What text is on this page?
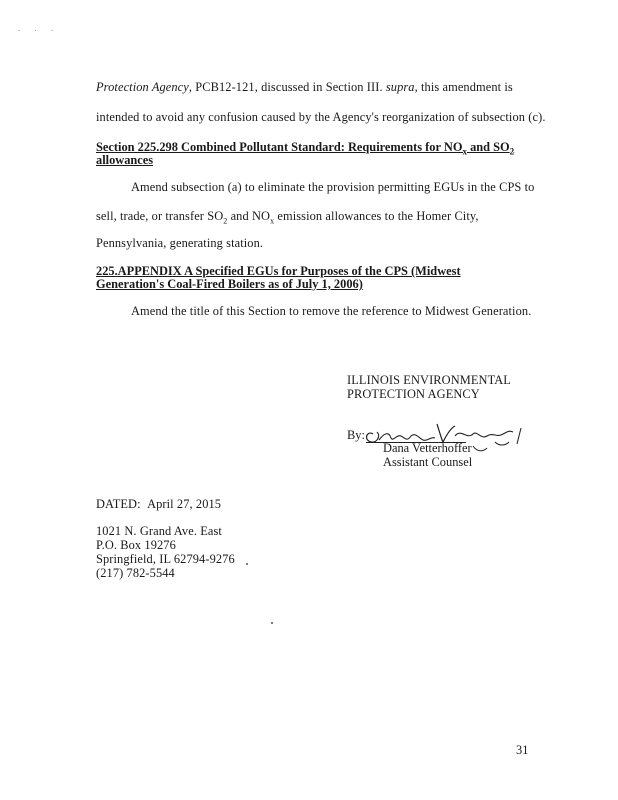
. . .
Protection Agency, PCB12-121, discussed in Section III. supra, this amendment is
intended to avoid any confusion caused by the Agency's reorganization of subsection (c).
Section 225.298 Combined Pollutant Standard: Requirements for $NO_x$ and $SO_2$
allowances
Amend subsection (a) to eliminate the provision permitting EGUs in the CPS to
sell, trade, or transfer $SO_2$ and $NO_x$ emission allowances to the Homer City,
Pennsylvania, generating station.
225.APPENDIX A Specified EGUs for Purposes of the CPS (Midwest
Generation's Coal-Fired Boilers as of July 1, 2006)
Amend the title of this Section to remove the reference to Midwest Generation.
ILLINOIS ENVIRONMENTAL
PROTECTION AGENCY
By:
Dana Vetterhoffer
Assistant Counsel
DATED: April 27, 2015
1021 N. Grand Ave. East
P.O. Box 19276
Springfield, IL 62794-9276
(217) 782-5544
31
